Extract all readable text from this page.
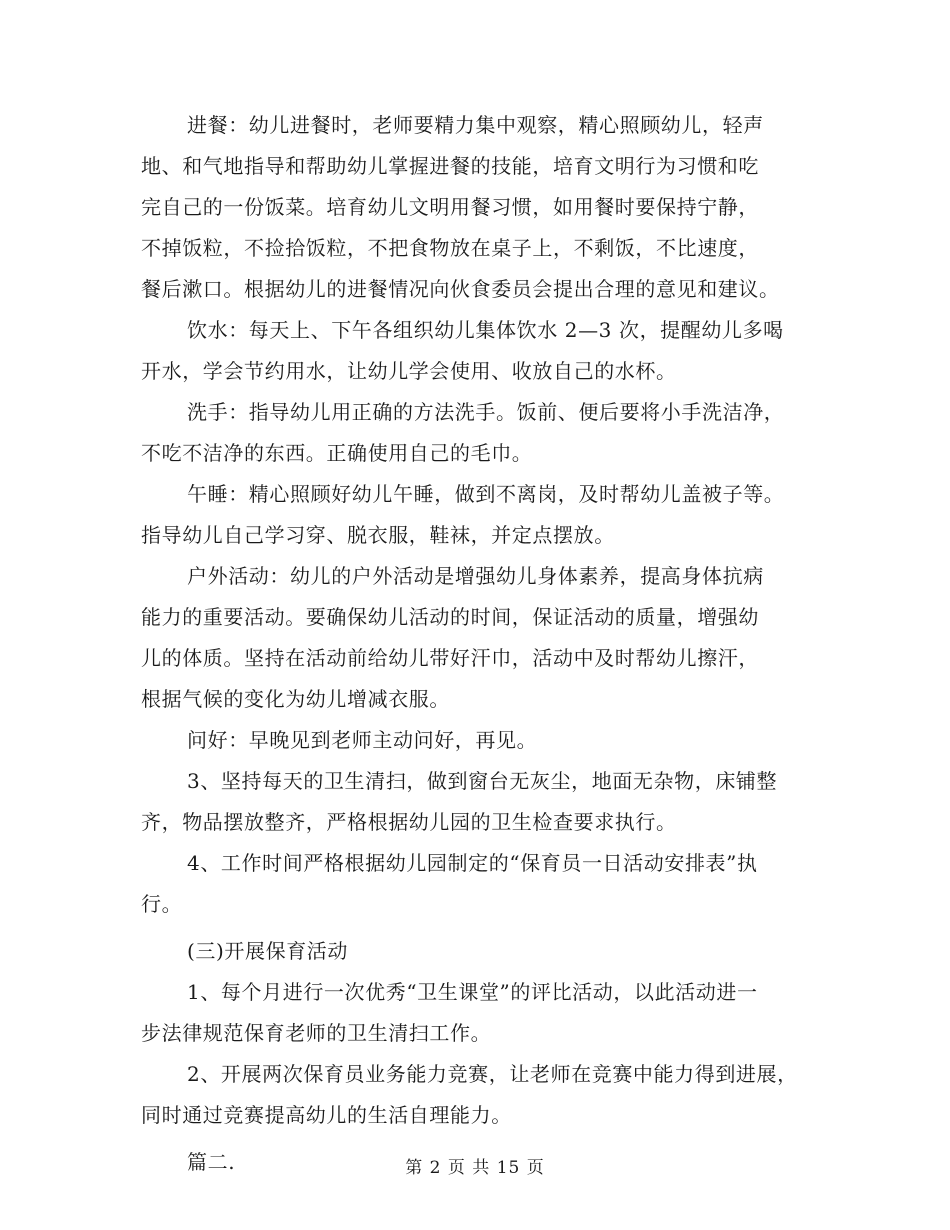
进餐：幼儿进餐时，老师要精力集中观察，精心照顾幼儿，轻声
地、和气地指导和帮助幼儿掌握进餐的技能，培育文明行为习惯和吃
完自己的一份饭菜。培育幼儿文明用餐习惯，如用餐时要保持宁静，
不掉饭粒，不捡拾饭粒，不把食物放在桌子上，不剩饭，不比速度，
餐后漱口。根据幼儿的进餐情况向伙食委员会提出合理的意见和建议。
饮水：每天上、下午各组织幼儿集体饮水 2—3 次，提醒幼儿多喝
开水，学会节约用水，让幼儿学会使用、收放自己的水杯。
洗手：指导幼儿用正确的方法洗手。饭前、便后要将小手洗洁净，
不吃不洁净的东西。正确使用自己的毛巾。
午睡：精心照顾好幼儿午睡，做到不离岗，及时帮幼儿盖被子等。
指导幼儿自己学习穿、脱衣服，鞋袜，并定点摆放。
户外活动：幼儿的户外活动是增强幼儿身体素养，提高身体抗病
能力的重要活动。要确保幼儿活动的时间，保证活动的质量，增强幼
儿的体质。坚持在活动前给幼儿带好汗巾，活动中及时帮幼儿擦汗，
根据气候的变化为幼儿增减衣服。
问好：早晚见到老师主动问好，再见。
3、坚持每天的卫生清扫，做到窗台无灰尘，地面无杂物，床铺整
齐，物品摆放整齐，严格根据幼儿园的卫生检查要求执行。
4、工作时间严格根据幼儿园制定的“保育员一日活动安排表”执
行。
(三)开展保育活动
1、每个月进行一次优秀“卫生课堂”的评比活动，以此活动进一
步法律规范保育老师的卫生清扫工作。
2、开展两次保育员业务能力竞赛，让老师在竞赛中能力得到进展，
同时通过竞赛提高幼儿的生活自理能力。
篇二.	第 2 页 共 15 页
